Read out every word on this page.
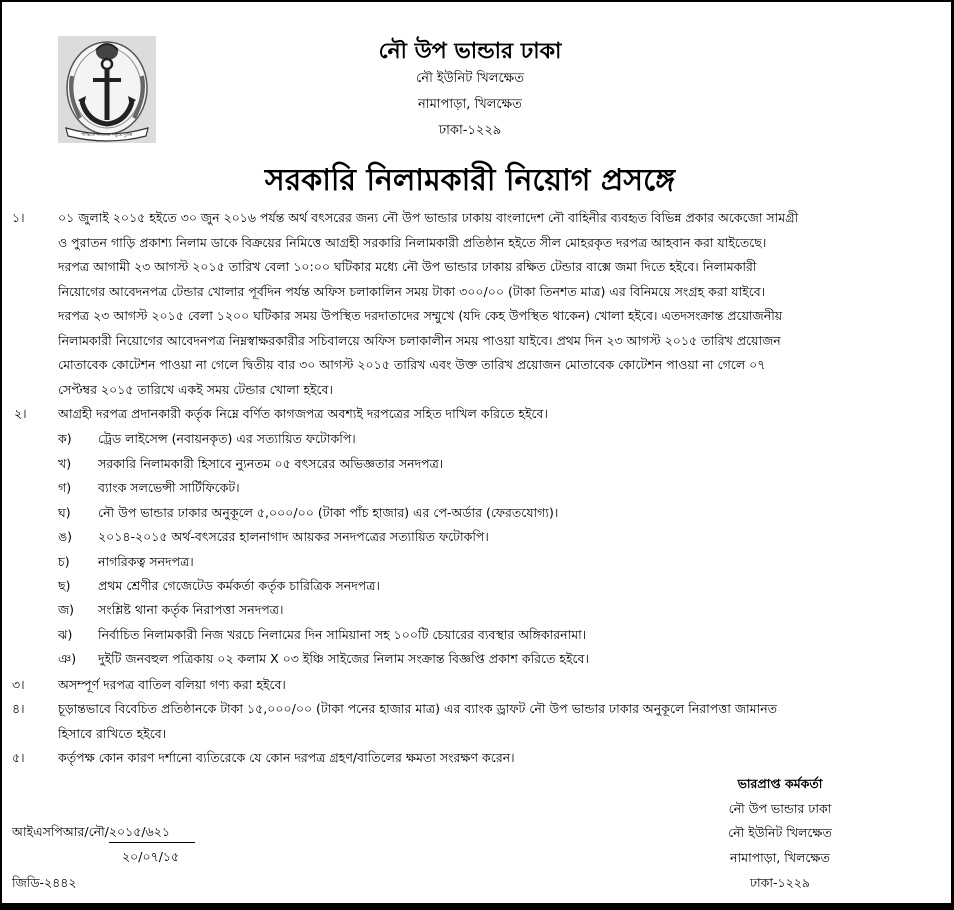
শান্তিতে সংগ্রামে সমুদ্রে দুর্জয়
নৌ উপ ভান্ডার ঢাকা
নৌ ইউনিট খিলক্ষেত
নামাপাড়া, খিলক্ষেত
ঢাকা-১২২৯
সরকারি নিলামকারী নিয়োগ প্রসঙ্গে
১।	০১ জুলাই ২০১৫ হইতে ৩০ জুন ২০১৬ পর্যন্ত অর্থ বৎসরের জন্য নৌ উপ ভান্ডার ঢাকায় বাংলাদেশ নৌ বাহিনীর ব্যবহৃত বিভিন্ন প্রকার অকেজো সামগ্রী
ও পুরাতন গাড়ি প্রকাশ্য নিলাম ডাকে বিক্রয়ের নিমিত্তে আগ্রহী সরকারি নিলামকারী প্রতিষ্ঠান হইতে সীল মোহরকৃত দরপত্র আহবান করা যাইতেছে।
দরপত্র আগামী ২৩ আগস্ট ২০১৫ তারিখ বেলা ১০:০০ ঘটিকার মধ্যে নৌ উপ ভান্ডার ঢাকায় রক্ষিত টেন্ডার বাক্সে জমা দিতে হইবে। নিলামকারী
নিয়োগের আবেদনপত্র টেন্ডার খোলার পূর্বদিন পর্যন্ত অফিস চলাকালিন সময় টাকা ৩০০/০০ (টাকা তিনশত মাত্র) এর বিনিময়ে সংগ্রহ করা যাইবে।
দরপত্র ২৩ আগস্ট ২০১৫ বেলা ১২০০ ঘটিকার সময় উপস্থিত দরদাতাদের সম্মুখে (যদি কেহ উপস্থিত থাকেন) খোলা হইবে। এতদসংক্রান্ত প্রয়োজনীয়
নিলামকারী নিয়োগের আবেদনপত্র নিম্নস্বাক্ষরকারীর সচিবালয়ে অফিস চলাকালীন সময় পাওয়া যাইবে। প্রথম দিন ২৩ আগস্ট ২০১৫ তারিখ প্রয়োজন
মোতাবেক কোটেশন পাওয়া না গেলে দ্বিতীয় বার ৩০ আগস্ট ২০১৫ তারিখ এবং উক্ত তারিখ প্রয়োজন মোতাবেক কোটেশন পাওয়া না গেলে ০৭
সেপ্টম্বর ২০১৫ তারিখে একই সময় টেন্ডার খোলা হইবে।
২।	আগ্রহী দরপত্র প্রদানকারী কর্তৃক নিম্নে বর্ণিত কাগজপত্র অবশ্যই দরপত্রের সহিত দাখিল করিতে হইবে।
ক) ট্রেড লাইসেন্স (নবায়নকৃত) এর সত্যায়িত ফটোকপি।
খ) সরকারি নিলামকারী হিসাবে ন্যুনতম ০৫ বৎসরের অভিজ্ঞতার সনদপত্র।
গ) ব্যাংক সলভেন্সী সার্টিফিকেট।
ঘ) নৌ উপ ভান্ডার ঢাকার অনুকূলে ৫,০০০/০০ (টাকা পাঁচ হাজার) এর পে-অর্ডার (ফেরতযোগ্য)।
ঙ) ২০১৪-২০১৫ অর্থ-বৎসরের হালনাগাদ আয়কর সনদপত্রের সত্যায়িত ফটোকপি।
চ) নাগরিকত্ব সনদপত্র।
ছ) প্রথম শ্রেণীর গেজেটেড কর্মকর্তা কর্তৃক চারিত্রিক সনদপত্র।
জ) সংশ্লিষ্ট থানা কর্তৃক নিরাপত্তা সনদপত্র।
ঝ) নির্বাচিত নিলামকারী নিজ খরচে নিলামের দিন সামিয়ানা সহ ১০০টি চেয়ারের ব্যবস্থার অঙ্গিকারনামা।
ঞ) দুইটি জনবহুল পত্রিকায় ০২ কলাম X ০৩ ইঞ্চি সাইজের নিলাম সংক্রান্ত বিজ্ঞপ্তি প্রকাশ করিতে হইবে।
৩।	অসম্পূর্ণ দরপত্র বাতিল বলিয়া গণ্য করা হইবে।
৪।	চূড়ান্তভাবে বিবেচিত প্রতিষ্ঠানকে টাকা ১৫,০০০/০০ (টাকা পনের হাজার মাত্র) এর ব্যাংক ড্রাফট নৌ উপ ভান্ডার ঢাকার অনুকূলে নিরাপত্তা জামানত
হিসাবে রাখিতে হইবে।
৫।	কর্তৃপক্ষ কোন কারণ দর্শানো ব্যতিরেকে যে কোন দরপত্র গ্রহণ/বাতিলের ক্ষমতা সংরক্ষণ করেন।
ভারপ্রাপ্ত কর্মকর্তা
নৌ উপ ভান্ডার ঢাকা
নৌ ইউনিট খিলক্ষেত
নামাপাড়া, খিলক্ষেত
ঢাকা-১২২৯
আইএসপিআর/নৌ/২০১৫/৬২১
২০/০৭/১৫
জিডি-২৪৪২
